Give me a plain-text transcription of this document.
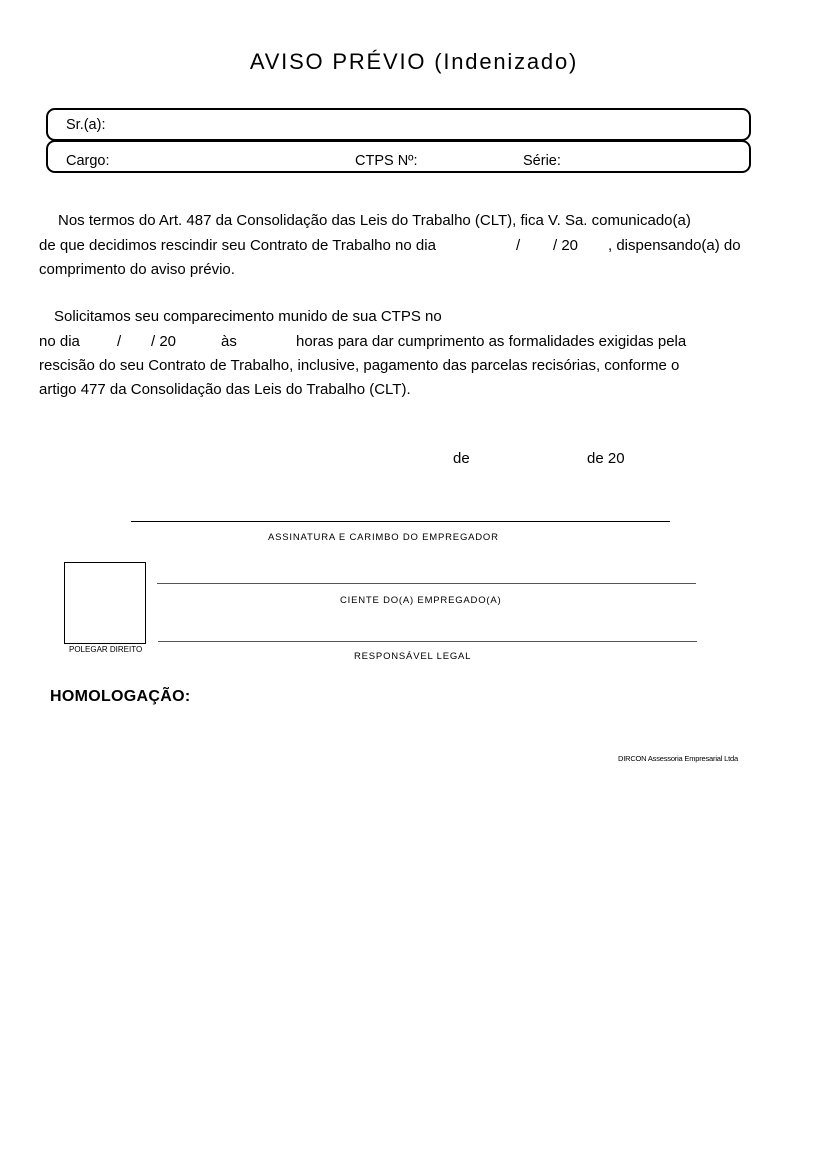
AVISO PRÉVIO (Indenizado)
Sr.(a):
Cargo:	CTPS Nº:	Série:
Nos termos do Art. 487 da Consolidação das Leis do Trabalho (CLT), fica V. Sa. comunicado(a)
de que decidimos rescindir seu Contrato de Trabalho no dia	/ / 20 , dispensando(a) do
comprimento do aviso prévio.
Solicitamos seu comparecimento munido de sua CTPS no
no dia / / 20	às	horas para dar cumprimento as formalidades exigidas pela
rescisão do seu Contrato de Trabalho, inclusive, pagamento das parcelas recisórias, conforme o
artigo 477 da Consolidação das Leis do Trabalho (CLT).
de	de 20
ASSINATURA E CARIMBO DO EMPREGADOR
POLEGAR DIREITO
CIENTE DO(A) EMPREGADO(A)
RESPONSÁVEL LEGAL
HOMOLOGAÇÃO:
DIRCON Assessoria Empresarial Ltda
